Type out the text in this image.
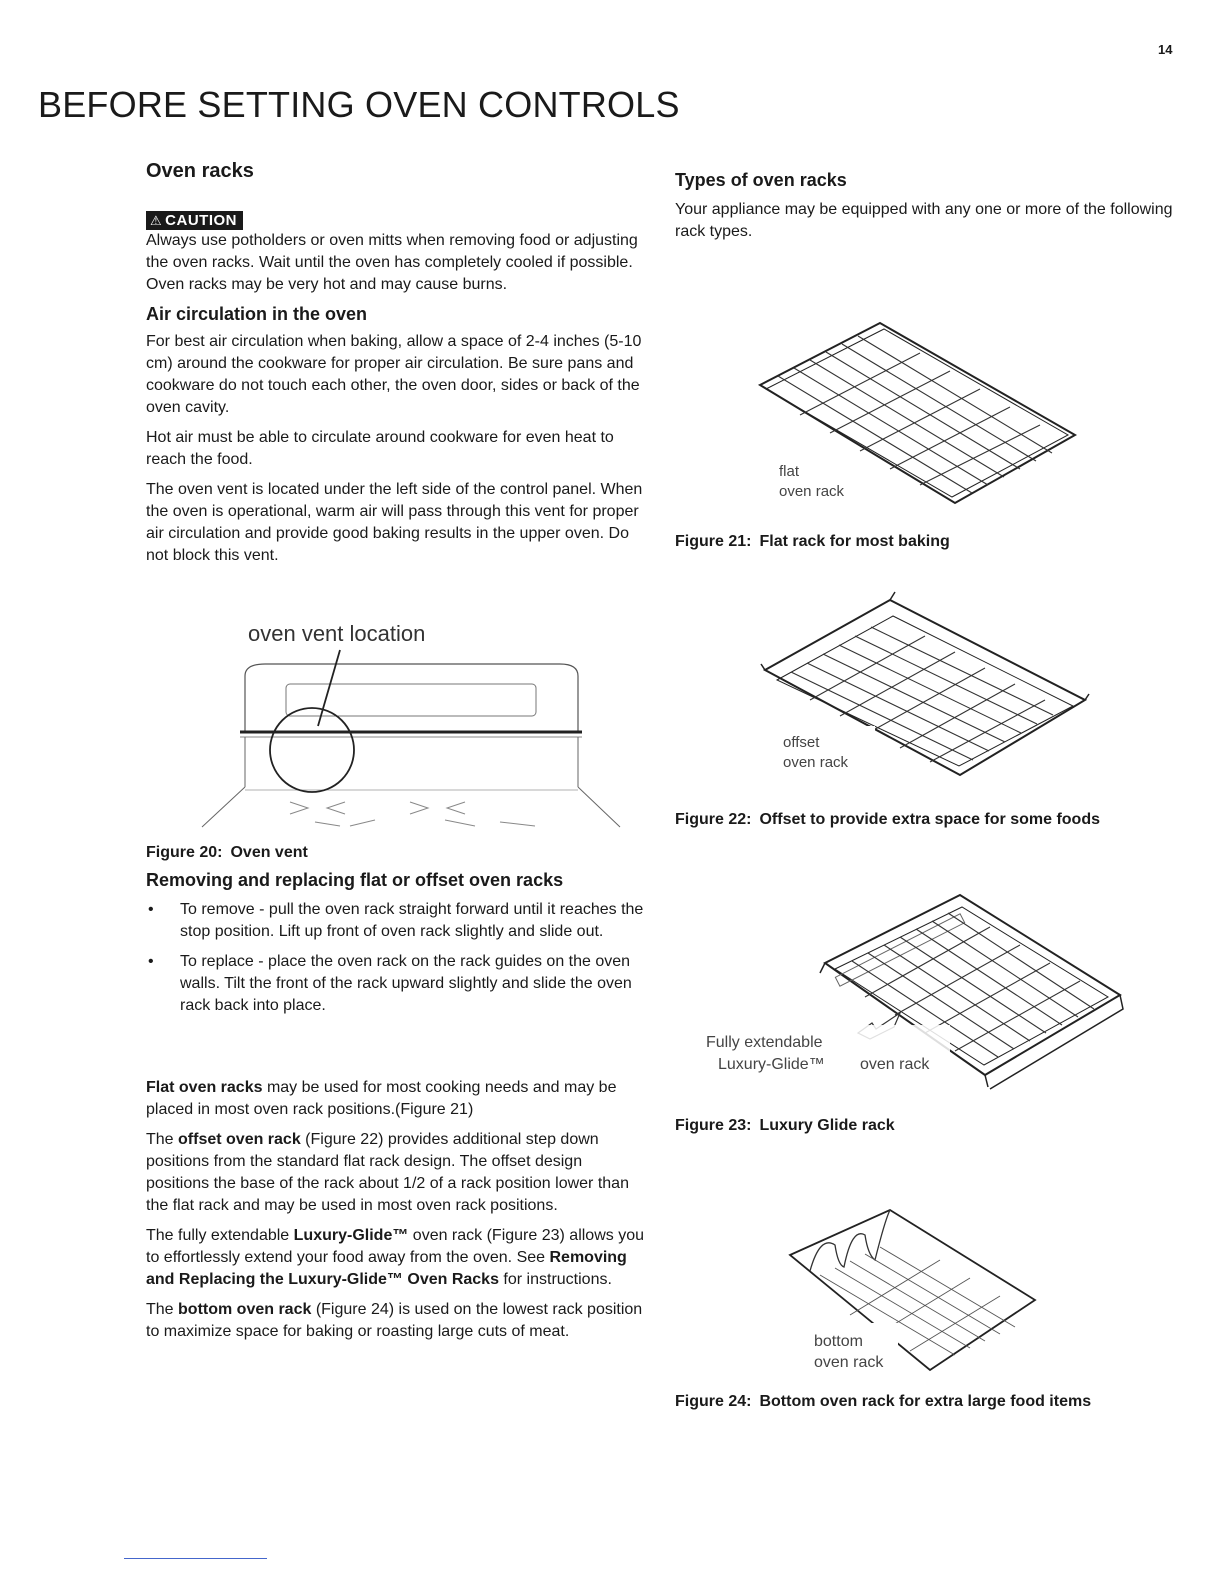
14
BEFORE SETTING OVEN CONTROLS
Oven racks
⚠ CAUTION

Always use potholders or oven mitts when removing food or adjusting the oven racks. Wait until the oven has completely cooled if possible. Oven racks may be very hot and may cause burns.

Air circulation in the oven

For best air circulation when baking, allow a space of 2-4 inches (5-10 cm) around the cookware for proper air circulation. Be sure pans and cookware do not touch each other, the oven door, sides or back of the oven cavity.

Hot air must be able to circulate around cookware for even heat to reach the food.

The oven vent is located under the left side of the control panel. When the oven is operational, warm air will pass through this vent for proper air circulation and provide good baking results in the upper oven. Do not block this vent.

oven vent location

Figure 20: Oven vent

Removing and replacing flat or offset oven racks
• To remove - pull the oven rack straight forward until it reaches the stop position. Lift up front of oven rack slightly and slide out.
• To replace - place the oven rack on the rack guides on the oven walls. Tilt the front of the rack upward slightly and slide the oven rack back into place.

Flat oven racks may be used for most cooking needs and may be placed in most oven rack positions.(Figure 21)

The offset oven rack (Figure 22) provides additional step down positions from the standard flat rack design. The offset design positions the base of the rack about 1/2 of a rack position lower than the flat rack and may be used in most oven rack positions.

The fully extendable Luxury-Glide™ oven rack (Figure 23) allows you to effortlessly extend your food away from the oven. See Removing and Replacing the Luxury-Glide™ Oven Racks for instructions.

The bottom oven rack (Figure 24) is used on the lowest rack position to maximize space for baking or roasting large cuts of meat.

Types of oven racks

Your appliance may be equipped with any one or more of the following rack types.

flat
oven rack

Figure 21: Flat rack for most baking

offset
oven rack

Figure 22: Offset to provide extra space for some foods

Fully extendable
Luxury-Glide™ oven rack

Figure 23: Luxury Glide rack

bottom
oven rack

Figure 24: Bottom oven rack for extra large food items
